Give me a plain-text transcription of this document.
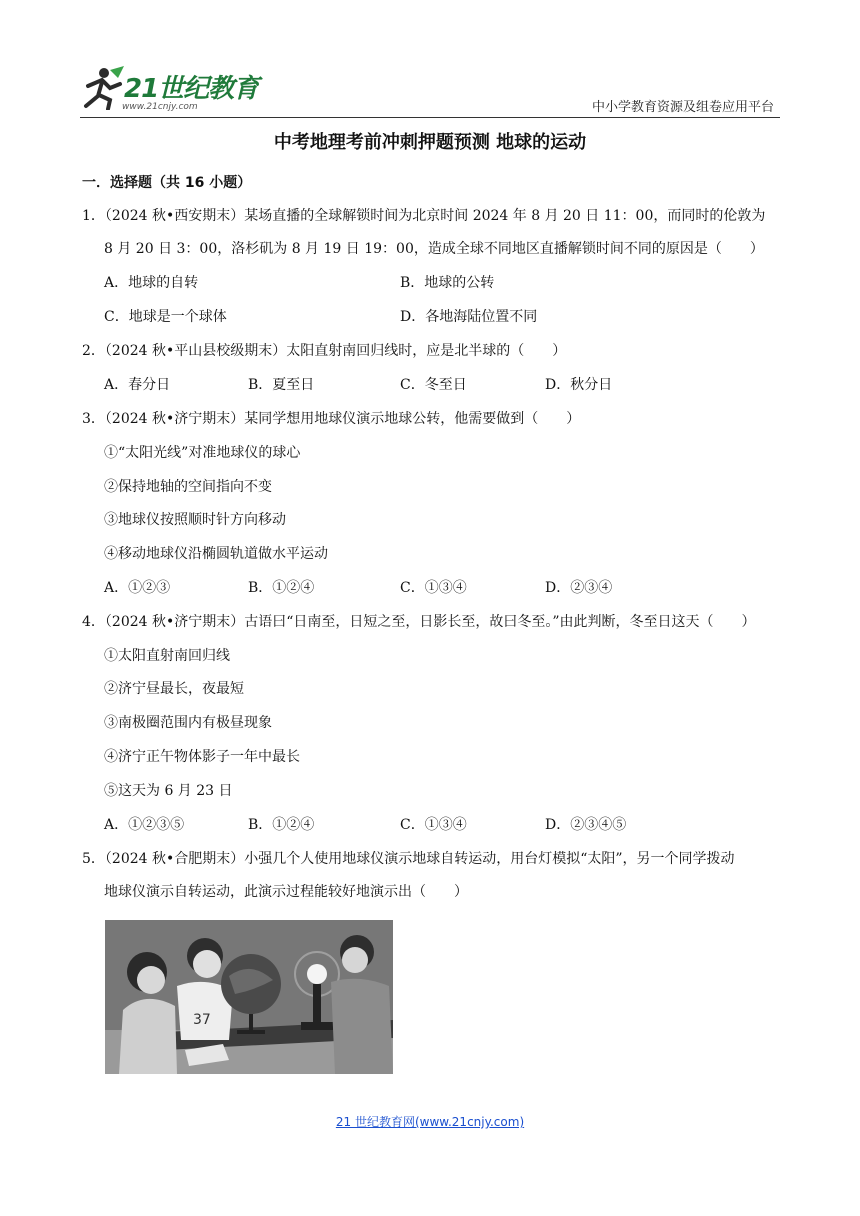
21世纪教育
www.21cnjy.com	中小学教育资源及组卷应用平台
中考地理考前冲刺押题预测 地球的运动
一．选择题（共 16 小题）
1．（2024 秋•西安期末）某场直播的全球解锁时间为北京时间 2024 年 8 月 20 日 11：00，而同时的伦敦为
8 月 20 日 3：00，洛杉矶为 8 月 19 日 19：00，造成全球不同地区直播解锁时间不同的原因是（　　）
A．地球的自转	B．地球的公转
C．地球是一个球体	D．各地海陆位置不同
2．（2024 秋•平山县校级期末）太阳直射南回归线时，应是北半球的（　　）
A．春分日	B．夏至日	C．冬至日	D．秋分日
3．（2024 秋•济宁期末）某同学想用地球仪演示地球公转，他需要做到（　　）
①“太阳光线”对准地球仪的球心
②保持地轴的空间指向不变
③地球仪按照顺时针方向移动
④移动地球仪沿椭圆轨道做水平运动
A．①②③	B．①②④	C．①③④	D．②③④
4．（2024 秋•济宁期末）古语曰“日南至，日短之至，日影长至，故曰冬至。”由此判断，冬至日这天（　　）
①太阳直射南回归线
②济宁昼最长，夜最短
③南极圈范围内有极昼现象
④济宁正午物体影子一年中最长
⑤这天为 6 月 23 日
A．①②③⑤	B．①②④	C．①③④	D．②③④⑤
5．（2024 秋•合肥期末）小强几个人使用地球仪演示地球自转运动，用台灯模拟“太阳”，另一个同学拨动
地球仪演示自转运动，此演示过程能较好地演示出（　　）
37
21 世纪教育网(www.21cnjy.com)
